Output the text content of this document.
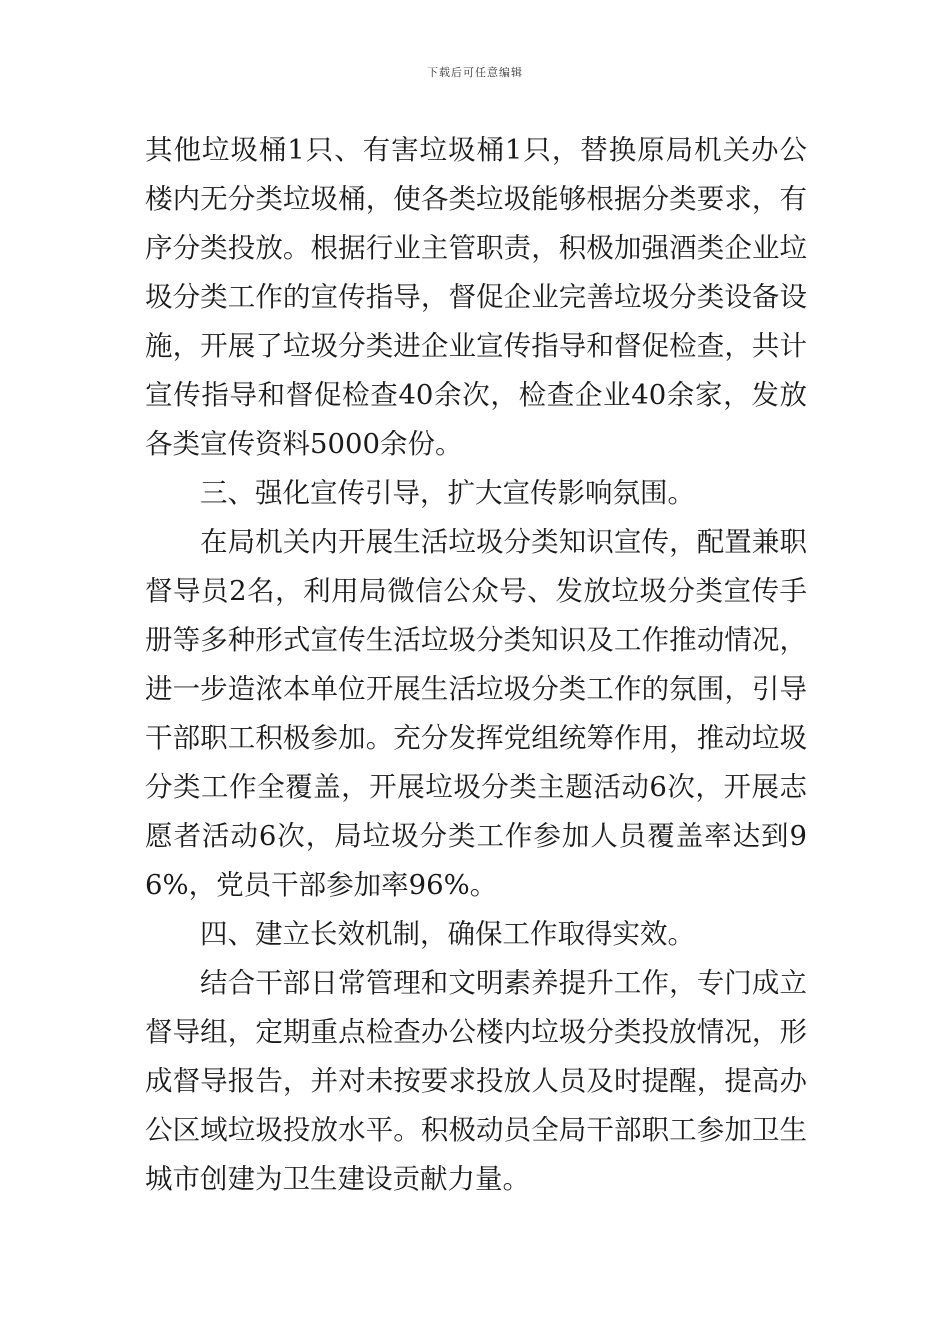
下载后可任意编辑

其他垃圾桶1只、有害垃圾桶1只，替换原局机关办公楼内无分类垃圾桶，使各类垃圾能够根据分类要求，有序分类投放。根据行业主管职责，积极加强酒类企业垃圾分类工作的宣传指导，督促企业完善垃圾分类设备设施，开展了垃圾分类进企业宣传指导和督促检查，共计宣传指导和督促检查40余次，检查企业40余家，发放各类宣传资料5000余份。

三、强化宣传引导，扩大宣传影响氛围。

在局机关内开展生活垃圾分类知识宣传，配置兼职督导员2名，利用局微信公众号、发放垃圾分类宣传手册等多种形式宣传生活垃圾分类知识及工作推动情况，进一步造浓本单位开展生活垃圾分类工作的氛围，引导干部职工积极参加。充分发挥党组统筹作用，推动垃圾分类工作全覆盖，开展垃圾分类主题活动6次，开展志愿者活动6次，局垃圾分类工作参加人员覆盖率达到96%，党员干部参加率96%。

四、建立长效机制，确保工作取得实效。

结合干部日常管理和文明素养提升工作，专门成立督导组，定期重点检查办公楼内垃圾分类投放情况，形成督导报告，并对未按要求投放人员及时提醒，提高办公区域垃圾投放水平。积极动员全局干部职工参加卫生城市创建为卫生建设贡献力量。
